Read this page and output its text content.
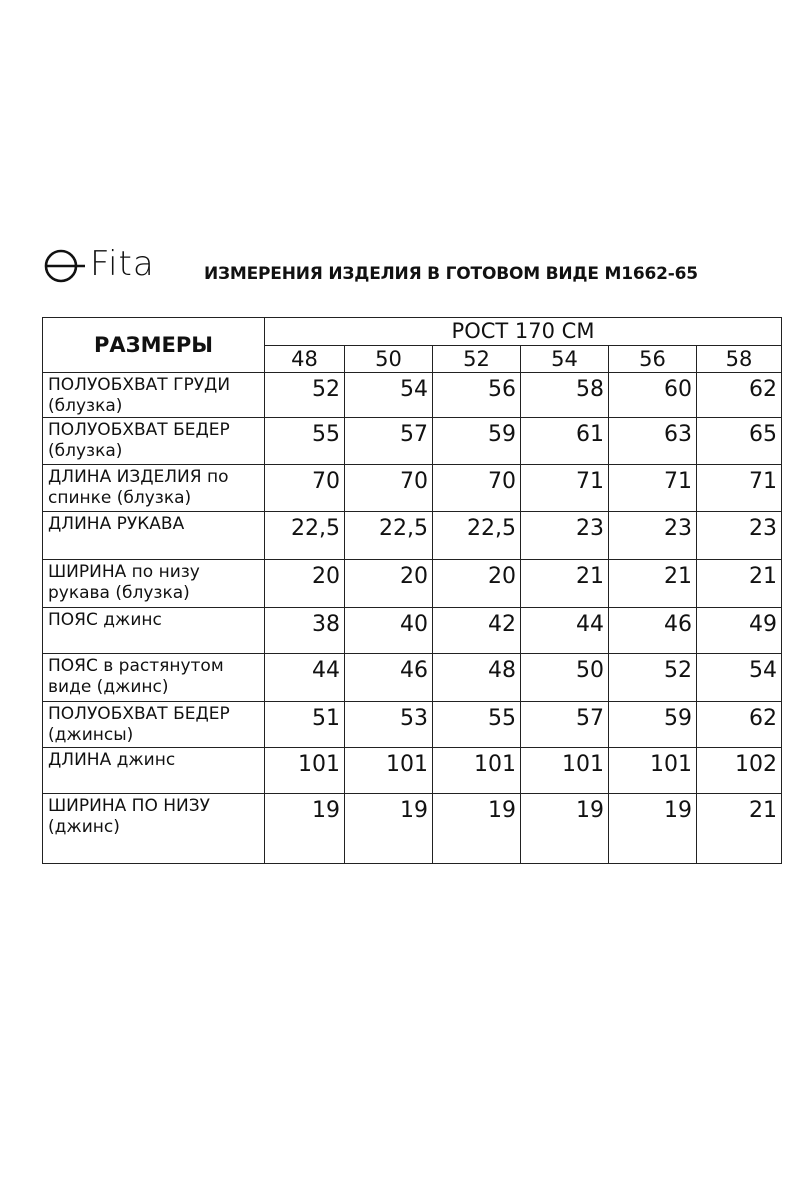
Fita	ИЗМЕРЕНИЯ ИЗДЕЛИЯ В ГОТОВОМ ВИДЕ М1662-65
РАЗМЕРЫ	РОСТ 170 СМ					
	48	50	52	54	56	58
ПОЛУОБХВАТ ГРУДИ (блузка)	52	54	56	58	60	62
ПОЛУОБХВАТ БЕДЕР (блузка)	55	57	59	61	63	65
ДЛИНА ИЗДЕЛИЯ по спинке (блузка)	70	70	70	71	71	71
ДЛИНА РУКАВА	22,5	22,5	22,5	23	23	23
ШИРИНА по низу рукава (блузка)	20	20	20	21	21	21
ПОЯС джинс	38	40	42	44	46	49
ПОЯС в растянутом виде (джинс)	44	46	48	50	52	54
ПОЛУОБХВАТ БЕДЕР (джинсы)	51	53	55	57	59	62
ДЛИНА джинс	101	101	101	101	101	102
ШИРИНА ПО НИЗУ (джинс)	19	19	19	19	19	21
